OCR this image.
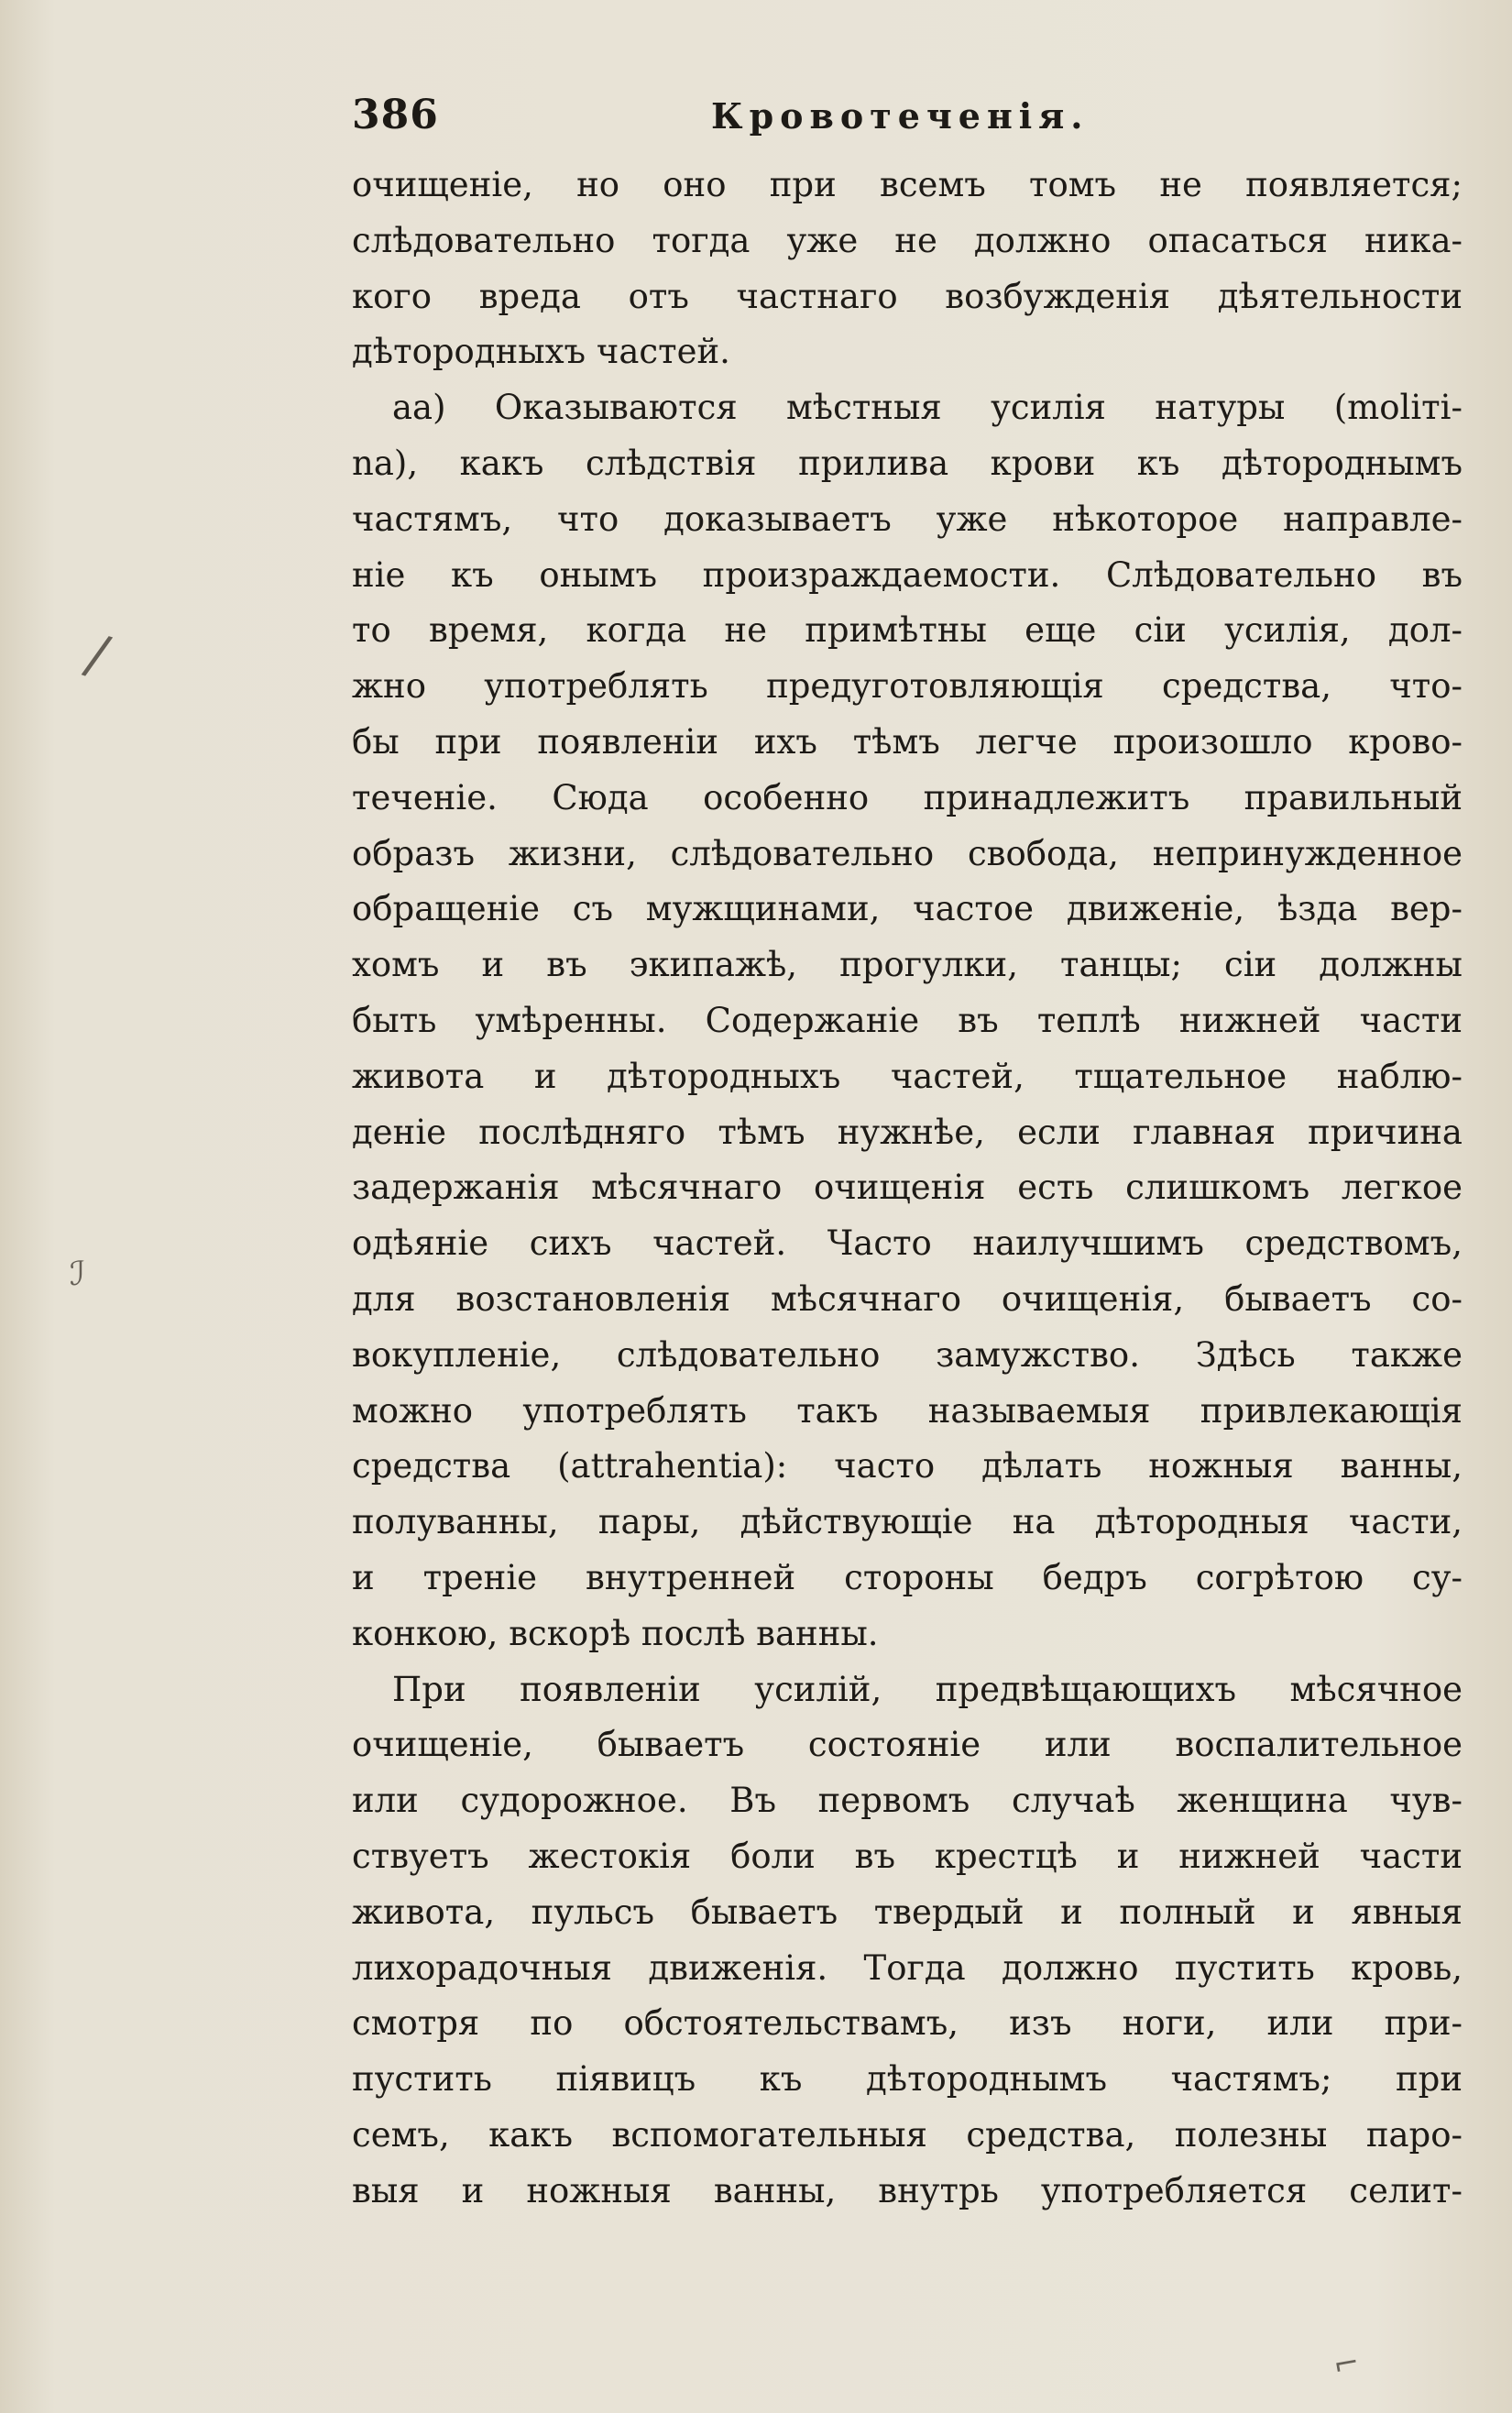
386	Кровотеченія.
очищеніе, но оно при всемъ томъ не появляется;
слѣдовательно тогда уже не должно опасаться ника-
кого вреда отъ частнаго возбужденія дѣятельности
дѣтородныхъ частей.
aa) Оказываются мѣстныя усилія натуры (moliті-
na), какъ слѣдствія прилива крови къ дѣтороднымъ
частямъ, что доказываетъ уже нѣкоторое направле-
ніе къ онымъ произраждаемости. Слѣдовательно въ
то время, когда не примѣтны еще сіи усилія, дол-
жно употреблять предуготовляющія средства, что-
бы при появленіи ихъ тѣмъ легче произошло крово-
теченіе. Сюда особенно принадлежитъ правильный
образъ жизни, слѣдовательно свобода, непринужденное
обращеніе съ мужщинами, частое движеніе, ѣзда вер-
хомъ и въ экипажѣ, прогулки, танцы; сіи должны
быть умѣренны. Содержаніе въ теплѣ нижней части
живота и дѣтородныхъ частей, тщательное наблю-
деніе послѣдняго тѣмъ нужнѣе, если главная причина
задержанія мѣсячнаго очищенія есть слишкомъ легкое
одѣяніе сихъ частей. Часто наилучшимъ средствомъ,
для возстановленія мѣсячнаго очищенія, бываетъ со-
вокупленіе, слѣдовательно замужство. Здѣсь также
можно употреблять такъ называемыя привлекающія
средства (attrahentia): часто дѣлать ножныя ванны,
полуванны, пары, дѣйствующіе на дѣтородныя части,
и треніе внутренней стороны бедръ согрѣтою су-
конкою, вскорѣ послѣ ванны.
При появленіи усилій, предвѣщающихъ мѣсячное
очищеніе, бываетъ состояніе или воспалительное
или судорожное. Въ первомъ случаѣ женщина чув-
ствуетъ жестокія боли въ крестцѣ и нижней части
живота, пульсъ бываетъ твердый и полный и явныя
лихорадочныя движенія. Тогда должно пустить кровь,
смотря по обстоятельствамъ, изъ ноги, или при-
пустить піявицъ къ дѣтороднымъ частямъ; при
семъ, какъ вспомогательныя средства, полезны паро-
выя и ножныя ванны, внутрь употребляется селит-
/
ℐ
⌐
